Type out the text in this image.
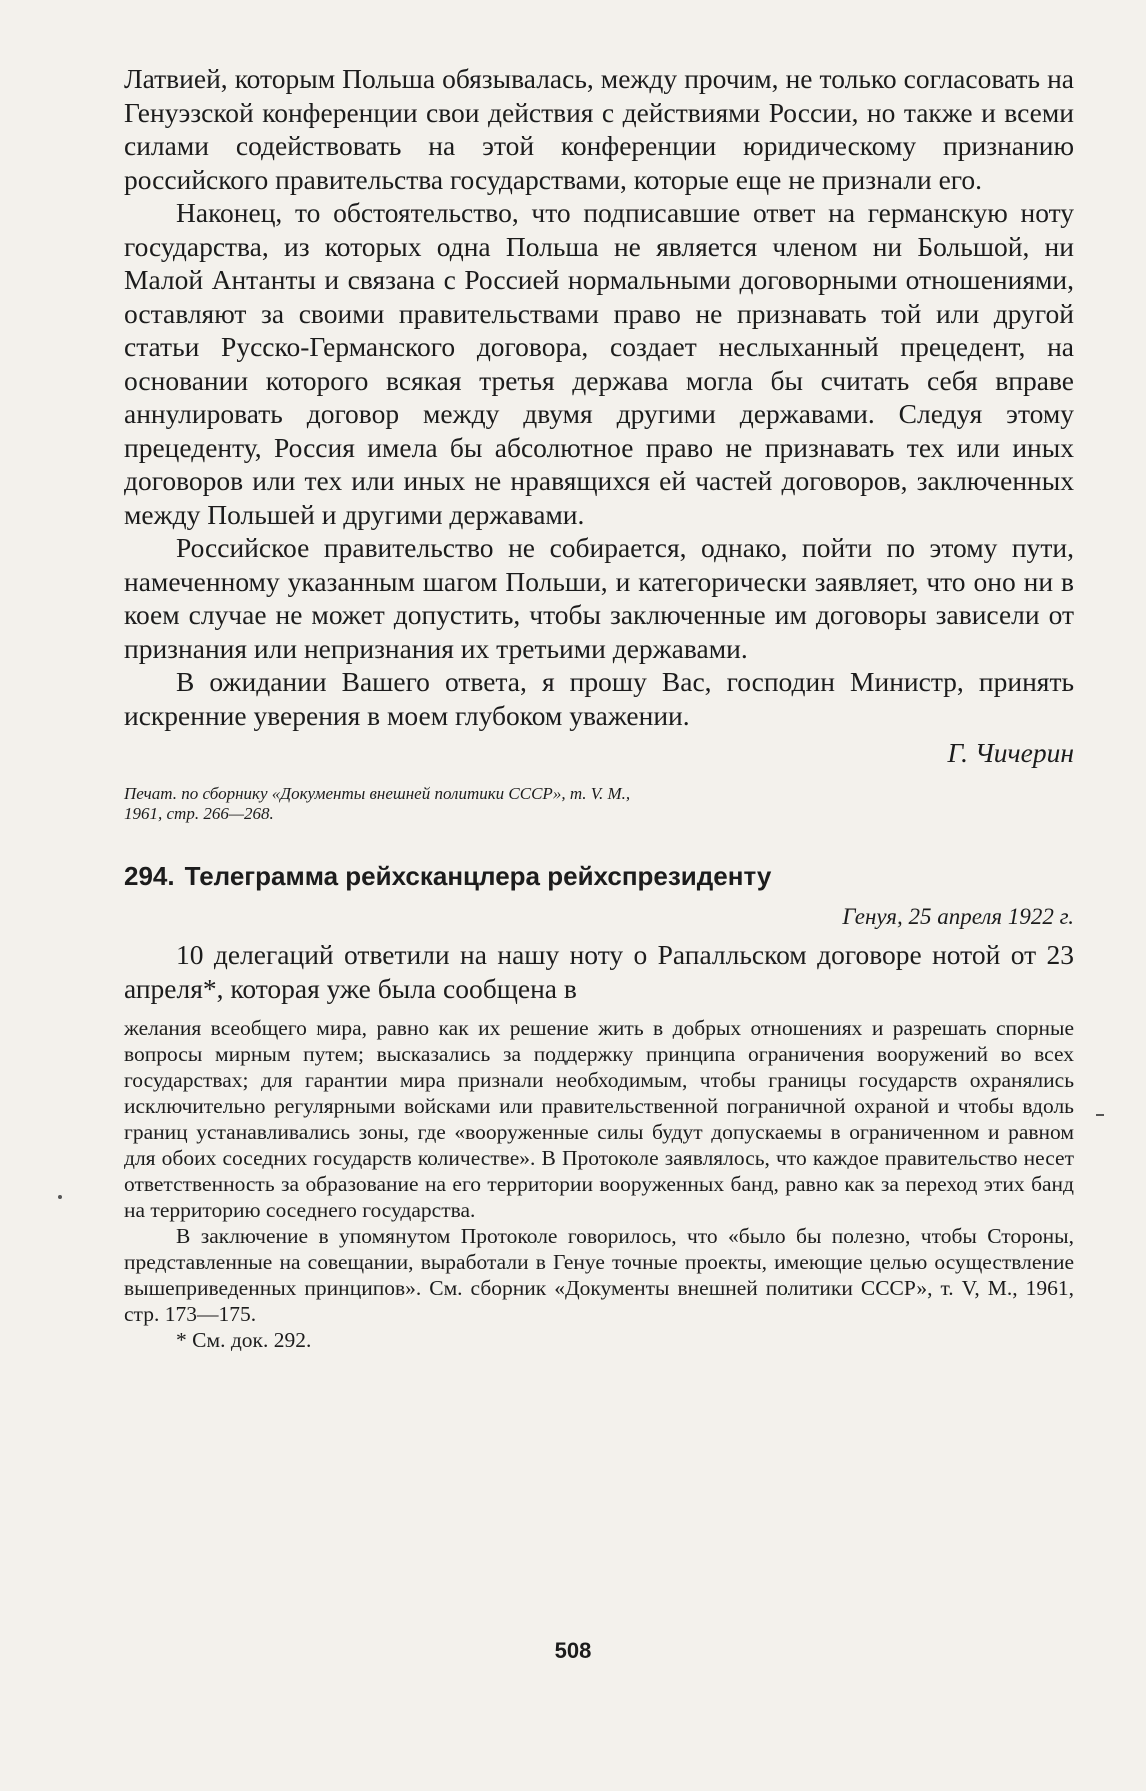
Латвией, которым Польша обязывалась, между прочим, не только согласовать на Генуэзской конференции свои действия с действиями России, но также и всеми силами содействовать на этой конференции юридическому признанию российского правительства государствами, которые еще не признали его.

Наконец, то обстоятельство, что подписавшие ответ на германскую ноту государства, из которых одна Польша не является членом ни Большой, ни Малой Антанты и связана с Россией нормальными договорными отношениями, оставляют за своими правительствами право не признавать той или другой статьи Русско-Германского договора, создает неслыханный прецедент, на основании которого всякая третья держава могла бы считать себя вправе аннулировать договор между двумя другими державами. Следуя этому прецеденту, Россия имела бы абсолютное право не признавать тех или иных договоров или тех или иных не нравящихся ей частей договоров, заключенных между Польшей и другими державами.

Российское правительство не собирается, однако, пойти по этому пути, намеченному указанным шагом Польши, и категорически заявляет, что оно ни в коем случае не может допустить, чтобы заключенные им договоры зависели от признания или непризнания их третьими державами.

В ожидании Вашего ответа, я прошу Вас, господин Министр, принять искренние уверения в моем глубоком уважении.

Г. Чичерин
Печат. по сборнику «Документы внешней политики СССР», т. V. М., 1961, стр. 266—268.
294. Телеграмма рейхсканцлера рейхспрезиденту
Генуя, 25 апреля 1922 г.

10 делегаций ответили на нашу ноту о Рапалльском договоре нотой от 23 апреля*, которая уже была сообщена в

желания всеобщего мира, равно как их решение жить в добрых отношениях и разрешать спорные вопросы мирным путем; высказались за поддержку принципа ограничения вооружений во всех государствах; для гарантии мира признали необходимым, чтобы границы государств охранялись исключительно регулярными войсками или правительственной пограничной охраной и чтобы вдоль границ устанавливались зоны, где «вооруженные силы будут допускаемы в ограниченном и равном для обоих соседних государств количестве». В Протоколе заявлялось, что каждое правительство несет ответственность за образование на его территории вооруженных банд, равно как за переход этих банд на территорию соседнего государства.

В заключение в упомянутом Протоколе говорилось, что «было бы полезно, чтобы Стороны, представленные на совещании, выработали в Генуе точные проекты, имеющие целью осуществление вышеприведенных принципов». См. сборник «Документы внешней политики СССР», т. V, М., 1961, стр. 173—175.

* См. док. 292.

508
